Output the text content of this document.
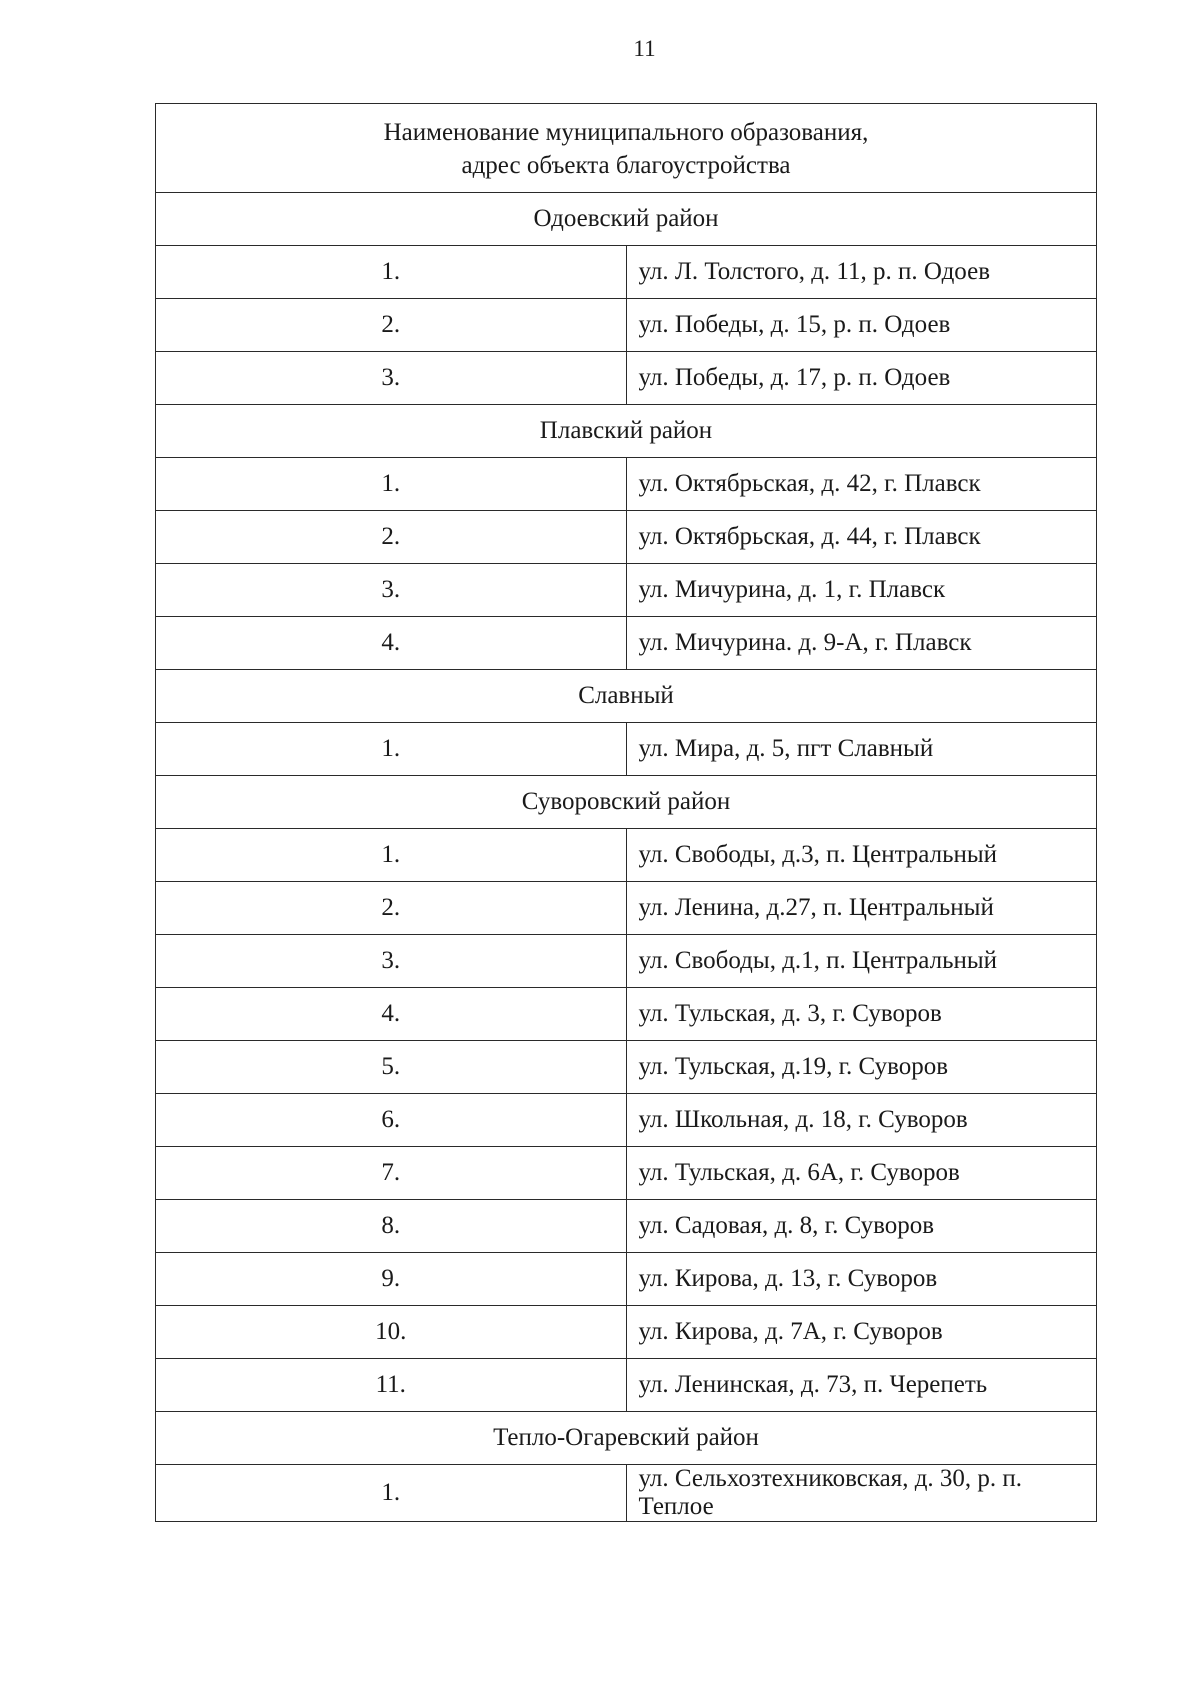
11
Наименование муниципального образования,
адрес объекта благоустройства	

Одоевский район	
1.	ул. Л. Толстого, д. 11, р. п. Одоев
2.	ул. Победы, д. 15, р. п. Одоев
3.	ул. Победы, д. 17, р. п. Одоев
Плавский район	
1.	ул. Октябрьская, д. 42, г. Плавск
2.	ул. Октябрьская, д. 44, г. Плавск
3.	ул. Мичурина, д. 1, г. Плавск
4.	ул. Мичурина. д. 9-А, г. Плавск
Славный	
1.	ул. Мира, д. 5, пгт Славный
Суворовский район	
1.	ул. Свободы, д.3, п. Центральный
2.	ул. Ленина, д.27, п. Центральный
3.	ул. Свободы, д.1, п. Центральный
4.	ул. Тульская, д. 3, г. Суворов
5.	ул. Тульская, д.19, г. Суворов
6.	ул. Школьная, д. 18, г. Суворов
7.	ул. Тульская, д. 6А, г. Суворов
8.	ул. Садовая, д. 8, г. Суворов
9.	ул. Кирова, д. 13, г. Суворов
10.	ул. Кирова, д. 7А, г. Суворов
11.	ул. Ленинская, д. 73, п. Черепеть
Тепло-Огаревский район	
1.	ул. Сельхозтехниковская, д. 30, р. п. Теплое
